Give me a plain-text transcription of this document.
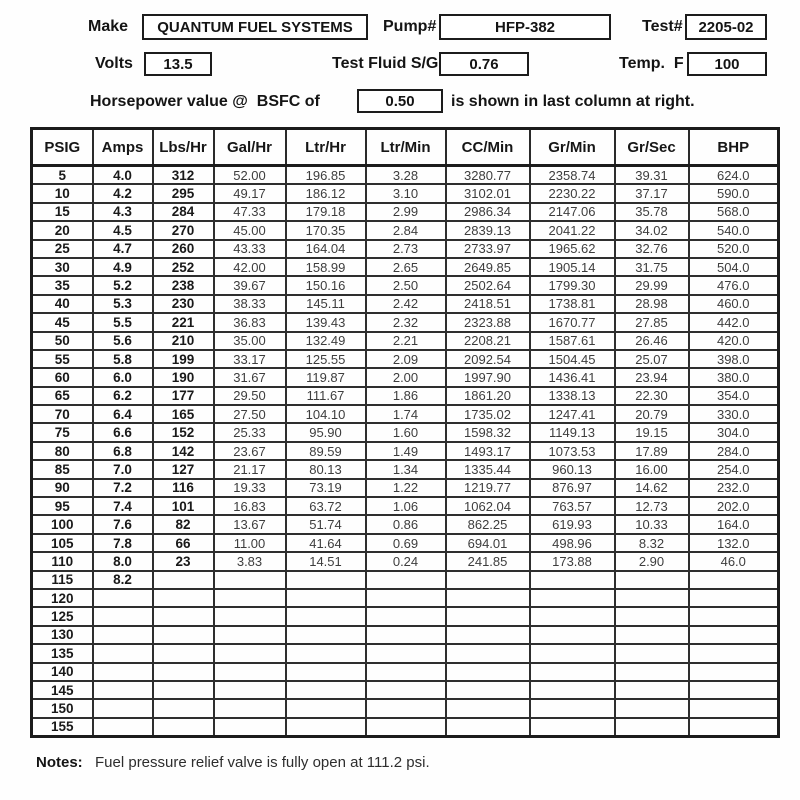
Make QUANTUM FUEL SYSTEMS Pump#	HFP-382	Test# 2205-02
Volts 13.5	Test Fluid S/G 0.76	Temp.  F 100
Horsepower value @  BSFC of	0.50 is shown in last column at right.
PSIG	Amps	Lbs/Hr	Gal/Hr	Ltr/Hr	Ltr/Min	CC/Min	Gr/Min	Gr/Sec	BHP
5	4.0	312	52.00	196.85	3.28	3280.77	2358.74	39.31	624.0
10	4.2	295	49.17	186.12	3.10	3102.01	2230.22	37.17	590.0
15	4.3	284	47.33	179.18	2.99	2986.34	2147.06	35.78	568.0
20	4.5	270	45.00	170.35	2.84	2839.13	2041.22	34.02	540.0
25	4.7	260	43.33	164.04	2.73	2733.97	1965.62	32.76	520.0
30	4.9	252	42.00	158.99	2.65	2649.85	1905.14	31.75	504.0
35	5.2	238	39.67	150.16	2.50	2502.64	1799.30	29.99	476.0
40	5.3	230	38.33	145.11	2.42	2418.51	1738.81	28.98	460.0
45	5.5	221	36.83	139.43	2.32	2323.88	1670.77	27.85	442.0
50	5.6	210	35.00	132.49	2.21	2208.21	1587.61	26.46	420.0
55	5.8	199	33.17	125.55	2.09	2092.54	1504.45	25.07	398.0
60	6.0	190	31.67	119.87	2.00	1997.90	1436.41	23.94	380.0
65	6.2	177	29.50	111.67	1.86	1861.20	1338.13	22.30	354.0
70	6.4	165	27.50	104.10	1.74	1735.02	1247.41	20.79	330.0
75	6.6	152	25.33	95.90	1.60	1598.32	1149.13	19.15	304.0
80	6.8	142	23.67	89.59	1.49	1493.17	1073.53	17.89	284.0
85	7.0	127	21.17	80.13	1.34	1335.44	960.13	16.00	254.0
90	7.2	116	19.33	73.19	1.22	1219.77	876.97	14.62	232.0
95	7.4	101	16.83	63.72	1.06	1062.04	763.57	12.73	202.0
100	7.6	82	13.67	51.74	0.86	862.25	619.93	10.33	164.0
105	7.8	66	11.00	41.64	0.69	694.01	498.96	8.32	132.0
110	8.0	23	3.83	14.51	0.24	241.85	173.88	2.90	46.0
115	8.2								
120									
125									
130									
135									
140									
145									
150									
155									
Notes: Fuel pressure relief valve is fully open at 111.2 psi.
